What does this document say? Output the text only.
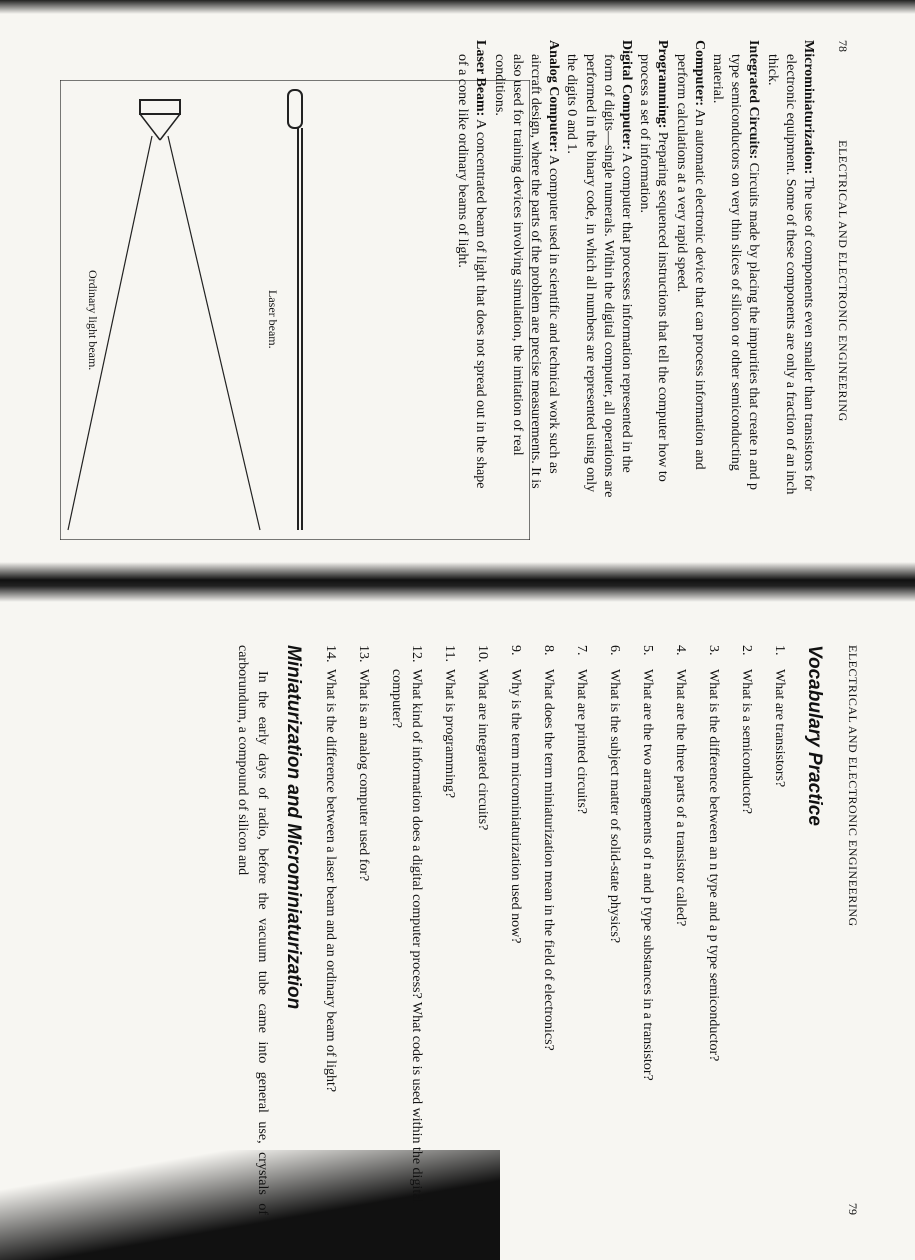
78
ELECTRICAL AND ELECTRONIC ENGINEERING

Microminiaturization: The use of components even smaller than transistors for electronic equipment. Some of these components are only a fraction of an inch thick.

Integrated Circuits: Circuits made by placing the impurities that create n and p type semiconductors on very thin slices of silicon or other semiconducting material.

Computer: An automatic electronic device that can process information and perform calculations at a very rapid speed.

Programming: Preparing sequenced instructions that tell the computer how to process a set of information.

Digital Computer: A computer that processes information represented in the form of digits—single numerals. Within the digital computer, all operations are performed in the binary code, in which all numbers are represented using only the digits 0 and 1.

Analog Computer: A computer used in scientific and technical work such as aircraft design, where the parts of the problem are precise measurements. It is also used for training devices involving simulation, the imitation of real conditions.

Laser Beam: A concentrated beam of light that does not spread out in the shape of a cone like ordinary beams of light.

Laser beam.
Ordinary light beam.
ELECTRICAL AND ELECTRONIC ENGINEERING
79
Vocabulary Practice
1.
What are transistors?
2.
What is a semiconductor?
3.
What is the difference between an n type and a p type semiconductor?
4.
What are the three parts of a transistor called?
5.
What are the two arrangements of n and p type substances in a transistor?
6.
What is the subject matter of solid-state physics?
7.
What are printed circuits?
8.
What does the term miniaturization mean in the field of electronics?
9.
Why is the term microminiaturization used now?
10.
What are integrated circuits?
11.
What is programming?
12.
What kind of information does a digital computer process? What code is used within the digital computer?
13.
What is an analog computer used for?
14.
What is the difference between a laser beam and an ordinary beam of light?
Miniaturization and Microminiaturization

In the early days of radio, before the vacuum tube came into general use, crystals of carborundum, a compound of silicon and
